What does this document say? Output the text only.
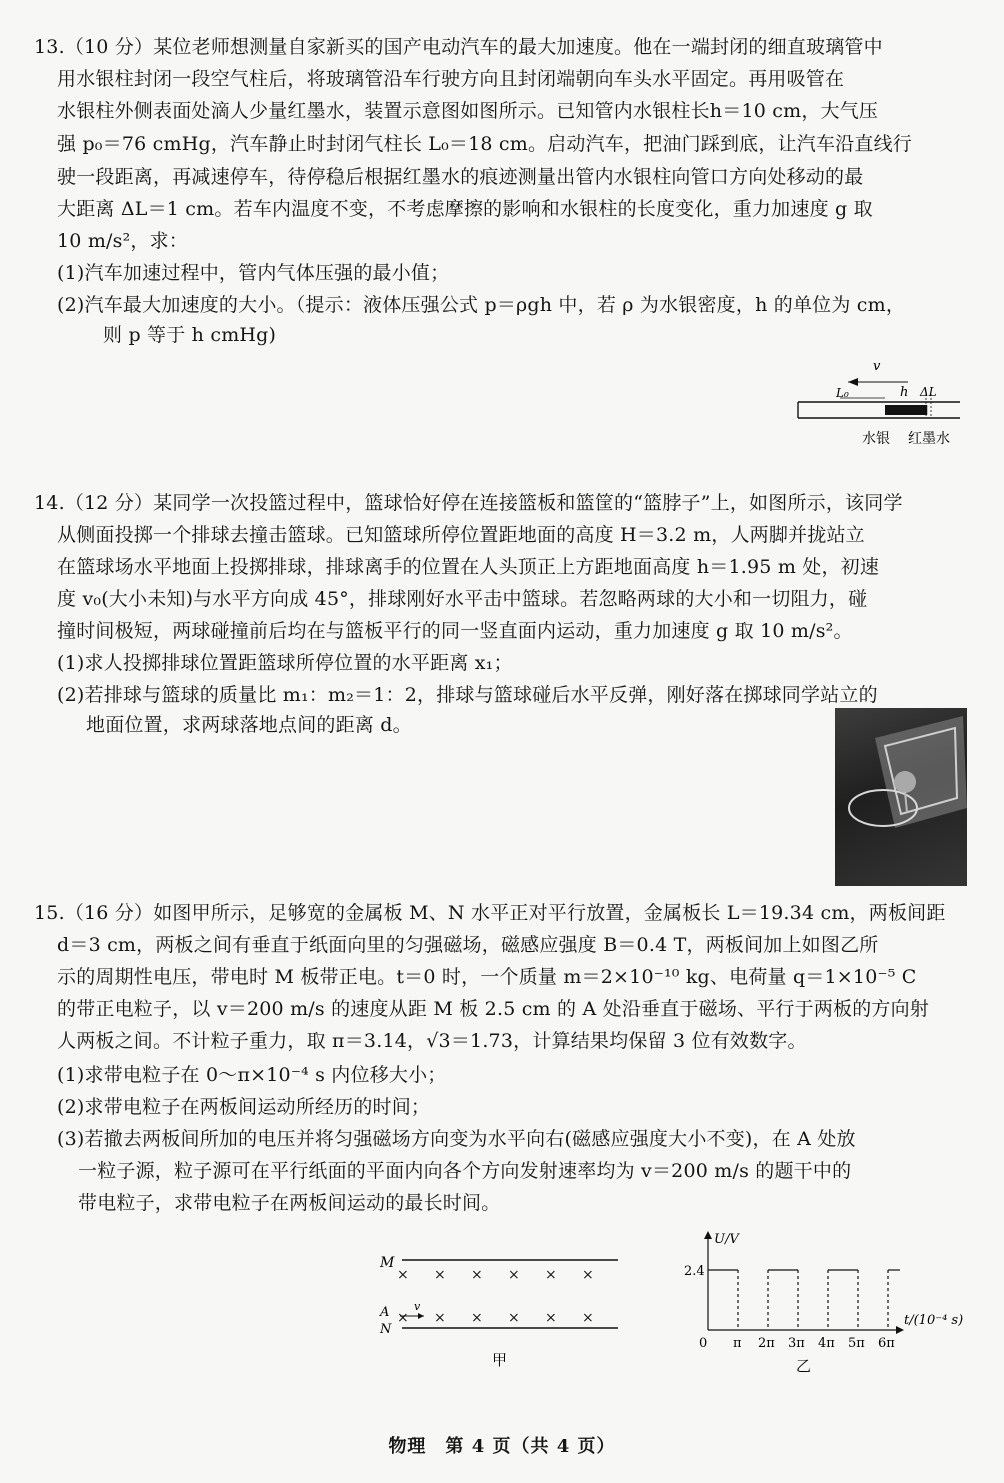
13.（10 分）某位老师想测量自家新买的国产电动汽车的最大加速度。他在一端封闭的细直玻璃管中
用水银柱封闭一段空气柱后，将玻璃管沿车行驶方向且封闭端朝向车头水平固定。再用吸管在
水银柱外侧表面处滴人少量红墨水，装置示意图如图所示。已知管内水银柱长h＝10 cm，大气压
强 p₀＝76 cmHg，汽车静止时封闭气柱长 L₀＝18 cm。启动汽车，把油门踩到底，让汽车沿直线行
驶一段距离，再减速停车，待停稳后根据红墨水的痕迹测量出管内水银柱向管口方向处移动的最
大距离 ΔL＝1 cm。若车内温度不变，不考虑摩擦的影响和水银柱的长度变化，重力加速度 g 取
10 m/s²，求：
(1)汽车加速过程中，管内气体压强的最小值；
(2)汽车最大加速度的大小。（提示：液体压强公式 p＝ρgh 中，若 ρ 为水银密度，h 的单位为 cm，
则 p 等于 h cmHg)
v
L₀	h ΔL
水银 红墨水
14.（12 分）某同学一次投篮过程中，篮球恰好停在连接篮板和篮筐的“篮脖子”上，如图所示，该同学
从侧面投掷一个排球去撞击篮球。已知篮球所停位置距地面的高度 H＝3.2 m，人两脚并拢站立
在篮球场水平地面上投掷排球，排球离手的位置在人头顶正上方距地面高度 h＝1.95 m 处，初速
度 v₀(大小未知)与水平方向成 45°，排球刚好水平击中篮球。若忽略两球的大小和一切阻力，碰
撞时间极短，两球碰撞前后均在与篮板平行的同一竖直面内运动，重力加速度 g 取 10 m/s²。
(1)求人投掷排球位置距篮球所停位置的水平距离 x₁；
(2)若排球与篮球的质量比 m₁：m₂＝1：2，排球与篮球碰后水平反弹，刚好落在掷球同学站立的
地面位置，求两球落地点间的距离 d。
15.（16 分）如图甲所示，足够宽的金属板 M、N 水平正对平行放置，金属板长 L＝19.34 cm，两板间距
d＝3 cm，两板之间有垂直于纸面向里的匀强磁场，磁感应强度 B＝0.4 T，两板间加上如图乙所
示的周期性电压，带电时 M 板带正电。t＝0 时，一个质量 m＝2×10⁻¹⁰ kg、电荷量 q＝1×10⁻⁵ C
的带正电粒子，以 v＝200 m/s 的速度从距 M 板 2.5 cm 的 A 处沿垂直于磁场、平行于两板的方向射
人两板之间。不计粒子重力，取 π＝3.14，√3＝1.73，计算结果均保留 3 位有效数字。
(1)求带电粒子在 0～π×10⁻⁴ s 内位移大小；
(2)求带电粒子在两板间运动所经历的时间；
(3)若撤去两板间所加的电压并将匀强磁场方向变为水平向右(磁感应强度大小不变)，在 A 处放
一粒子源，粒子源可在平行纸面的平面内向各个方向发射速率均为 v＝200 m/s 的题干中的
带电粒子，求带电粒子在两板间运动的最长时间。
M
A
N
× × × × × ×
× × × × × ×
v
甲
U/V
2.4
t/(10⁻⁴ s)
0 π 2π 3π 4π 5π 6π
乙
物理　第 4 页（共 4 页）
